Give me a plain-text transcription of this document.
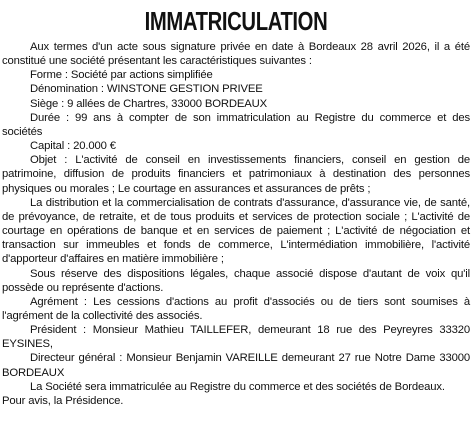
IMMATRICULATION

Aux termes d'un acte sous signature privée en date à Bordeaux 28 avril 2026, il a été constitué une société présentant les caractéristiques suivantes :

Forme : Société par actions simplifiée

Dénomination : WINSTONE GESTION PRIVEE

Siège : 9 allées de Chartres, 33000 BORDEAUX

Durée : 99 ans à compter de son immatriculation au Registre du commerce et des sociétés

Capital : 20.000 €

Objet : L'activité de conseil en investissements financiers, conseil en gestion de patrimoine, diffusion de produits financiers et patrimoniaux à destination des personnes physiques ou morales ; Le courtage en assurances et assurances de prêts ;

La distribution et la commercialisation de contrats d'assurance, d'assurance vie, de santé, de prévoyance, de retraite, et de tous produits et services de protection sociale ; L'activité de courtage en opérations de banque et en services de paiement ; L'activité de négociation et transaction sur immeubles et fonds de commerce, L'intermédiation immobilière, l'activité d'apporteur d'affaires en matière immobilière ;

Sous réserve des dispositions légales, chaque associé dispose d'autant de voix qu'il possède ou représente d'actions.

Agrément : Les cessions d'actions au profit d'associés ou de tiers sont soumises à l'agrément de la collectivité des associés.

Président : Monsieur Mathieu TAILLEFER, demeurant 18 rue des Peyreyres 33320 EYSINES,

Directeur général : Monsieur Benjamin VAREILLE demeurant 27 rue Notre Dame 33000 BORDEAUX

La Société sera immatriculée au Registre du commerce et des sociétés de Bordeaux.

Pour avis, la Présidence.
